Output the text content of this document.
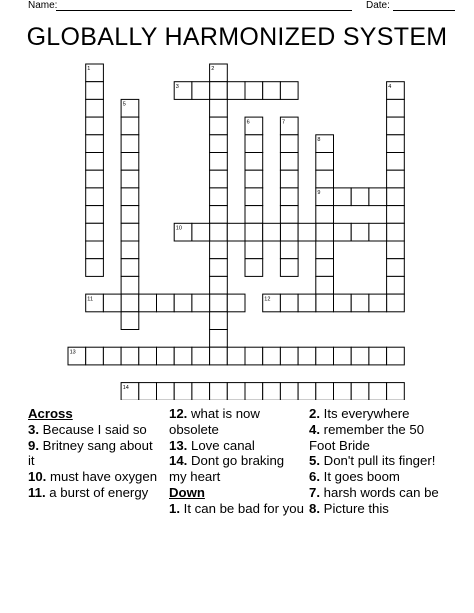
Name:	Date:
GLOBALLY HARMONIZED SYSTEM
1	2
3	4
5
6	7
8
9
10
11	12
13
14
Across
3. Because I said so
9. Britney sang about it
10. must have oxygen
11. a burst of energy
12. what is now obsolete
13. Love canal
14. Dont go braking my heart
Down
1. It can be bad for you
2. Its everywhere
4. remember the 50 Foot Bride
5. Don't pull its finger!
6. It goes boom
7. harsh words can be
8. Picture this
